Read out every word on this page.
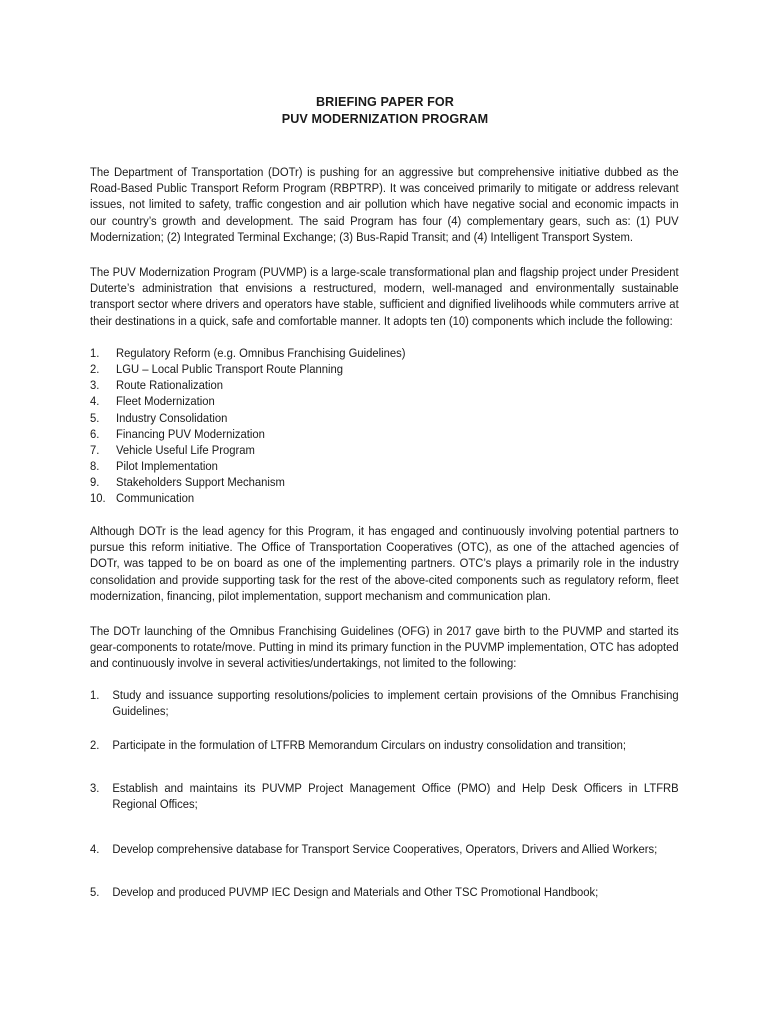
BRIEFING PAPER FOR
PUV MODERNIZATION PROGRAM

The Department of Transportation (DOTr) is pushing for an aggressive but comprehensive initiative dubbed as the Road-Based Public Transport Reform Program (RBPTRP). It was conceived primarily to mitigate or address relevant issues, not limited to safety, traffic congestion and air pollution which have negative social and economic impacts in our country’s growth and development. The said Program has four (4) complementary gears, such as: (1) PUV Modernization; (2) Integrated Terminal Exchange; (3) Bus-Rapid Transit; and (4) Intelligent Transport System.

The PUV Modernization Program (PUVMP) is a large-scale transformational plan and flagship project under President Duterte’s administration that envisions a restructured, modern, well-managed and environmentally sustainable transport sector where drivers and operators have stable, sufficient and dignified livelihoods while commuters arrive at their destinations in a quick, safe and comfortable manner. It adopts ten (10) components which include the following:

1. Regulatory Reform (e.g. Omnibus Franchising Guidelines)
2. LGU – Local Public Transport Route Planning
3. Route Rationalization
4. Fleet Modernization
5. Industry Consolidation
6. Financing PUV Modernization
7. Vehicle Useful Life Program
8. Pilot Implementation
9. Stakeholders Support Mechanism
10. Communication

Although DOTr is the lead agency for this Program, it has engaged and continuously involving potential partners to pursue this reform initiative. The Office of Transportation Cooperatives (OTC), as one of the attached agencies of DOTr, was tapped to be on board as one of the implementing partners. OTC’s plays a primarily role in the industry consolidation and provide supporting task for the rest of the above-cited components such as regulatory reform, fleet modernization, financing, pilot implementation, support mechanism and communication plan.

The DOTr launching of the Omnibus Franchising Guidelines (OFG) in 2017 gave birth to the PUVMP and started its gear-components to rotate/move. Putting in mind its primary function in the PUVMP implementation, OTC has adopted and continuously involve in several activities/undertakings, not limited to the following:

1.	Study and issuance supporting resolutions/policies to implement certain provisions of the Omnibus Franchising Guidelines;
2.	Participate in the formulation of LTFRB Memorandum Circulars on industry consolidation and transition;
3.	Establish and maintains its PUVMP Project Management Office (PMO) and Help Desk Officers in LTFRB Regional Offices;
4.	Develop comprehensive database for Transport Service Cooperatives, Operators, Drivers and Allied Workers;
5.	Develop and produced PUVMP IEC Design and Materials and Other TSC Promotional Handbook;
